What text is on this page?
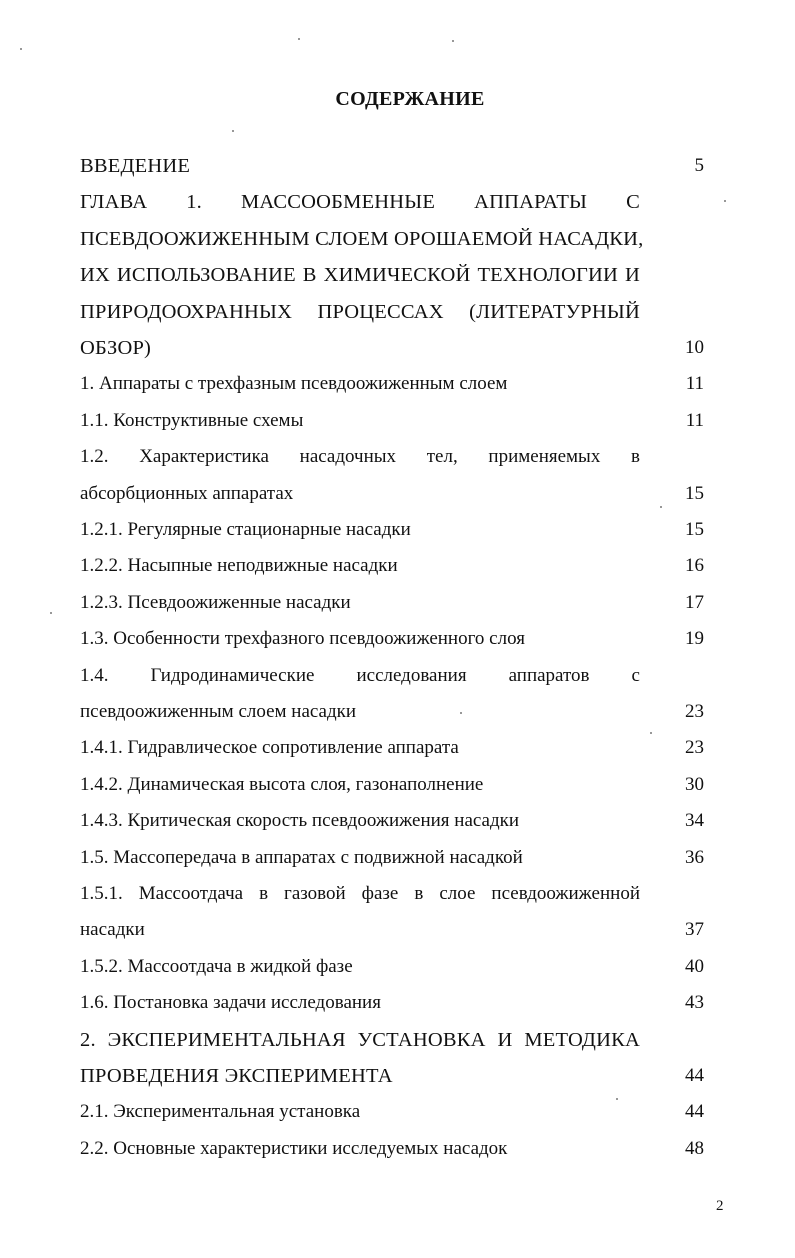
СОДЕРЖАНИЕ
ВВЕДЕНИЕ	5
ГЛАВА 1. МАССООБМЕННЫЕ АППАРАТЫ С
ПСЕВДООЖИЖЕННЫМ СЛОЕМ ОРОШАЕМОЙ НАСАДКИ,
ИХ ИСПОЛЬЗОВАНИЕ В ХИМИЧЕСКОЙ ТЕХНОЛОГИИ И
ПРИРОДООХРАННЫХ ПРОЦЕССАХ (ЛИТЕРАТУРНЫЙ
ОБЗОР)	10
1. Аппараты с трехфазным псевдоожиженным слоем	11
1.1. Конструктивные схемы	11
1.2. Характеристика насадочных тел, применяемых в
абсорбционных аппаратах	15
1.2.1. Регулярные стационарные насадки	15
1.2.2. Насыпные неподвижные насадки	16
1.2.3. Псевдоожиженные насадки	17
1.3. Особенности трехфазного псевдоожиженного слоя	19
1.4. Гидродинамические исследования аппаратов с
псевдоожиженным слоем насадки	23
1.4.1. Гидравлическое сопротивление аппарата	23
1.4.2. Динамическая высота слоя, газонаполнение	30
1.4.3. Критическая скорость псевдоожижения насадки	34
1.5. Массопередача в аппаратах с подвижной насадкой	36
1.5.1. Массоотдача в газовой фазе в слое псевдоожиженной
насадки	37
1.5.2. Массоотдача в жидкой фазе	40
1.6. Постановка задачи исследования	43
2. ЭКСПЕРИМЕНТАЛЬНАЯ УСТАНОВКА И МЕТОДИКА
ПРОВЕДЕНИЯ ЭКСПЕРИМЕНТА	44
2.1. Экспериментальная установка	44
2.2. Основные характеристики исследуемых насадок	48
2
